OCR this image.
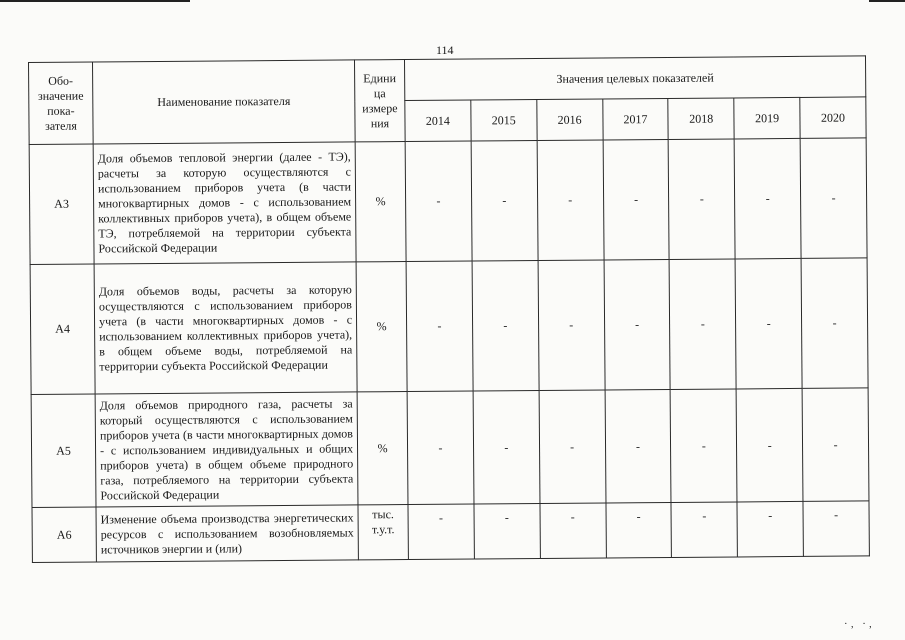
114
Обо-
значение
пока-
зателя	Наименование показателя	Едини
ца
измере
ния	Значения целевых показателей						
			2014	2015	2016	2017	2018	2019	2020
А3	Доля объемов тепловой энергии (далее - ТЭ), расчеты за которую осуществляются с использованием приборов учета (в части многоквартирных домов - с использованием коллективных приборов учета), в общем объеме ТЭ, потребляемой на территории субъекта Российской Федерации	%	-	-	-	-	-	-	-
А4	Доля объемов воды, расчеты за которую осуществляются с использованием приборов учета (в части многоквартирных домов - с использованием коллективных приборов учета), в общем объеме воды, потребляемой на территории субъекта Российской Федерации	%	-	-	-	-	-	-	-
А5	Доля объемов природного газа, расчеты за который осуществляются с использованием приборов учета (в части многоквартирных домов - с использованием индивидуальных и общих приборов учета) в общем объеме природного газа, потребляемого на территории субъекта Российской Федерации	%	-	-	-	-	-	-	-
А6	Изменение объема производства энергетических ресурсов с использованием возобновляемых источников энергии и (или)	тыс. т.у.т.	-	-	-	-	-	-	-
·‚ ·‚
